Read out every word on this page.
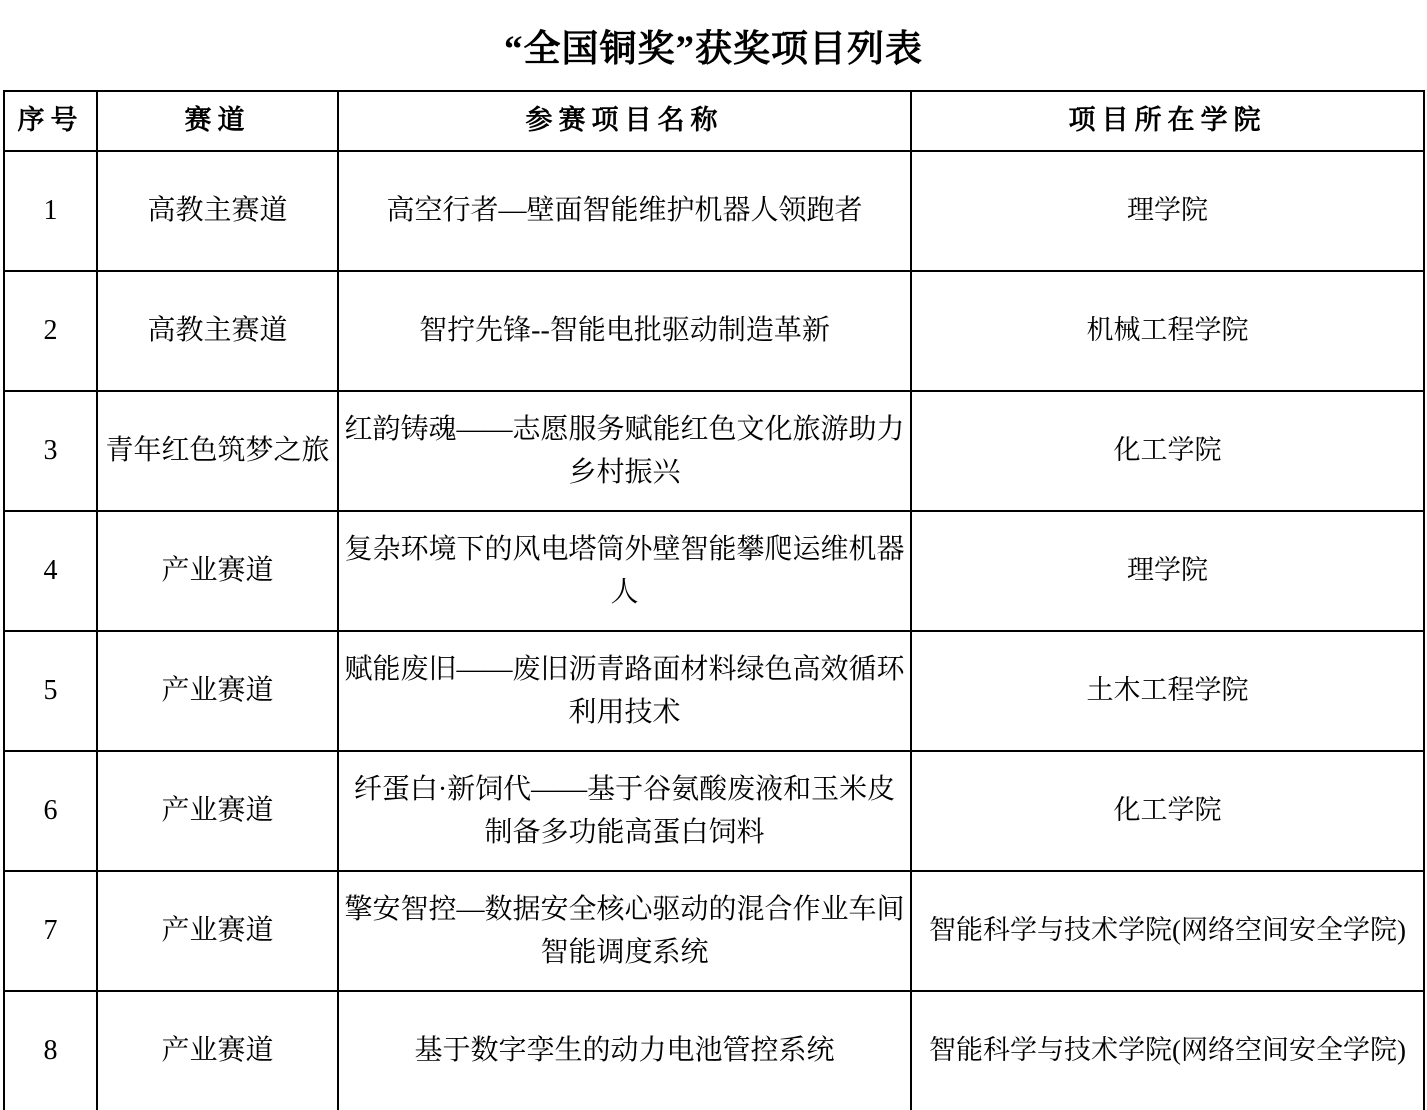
“全国铜奖”获奖项目列表
序号	赛道	参赛项目名称	项目所在学院
1	高教主赛道	高空行者—壁面智能维护机器人领跑者	理学院
2	高教主赛道	智拧先锋--智能电批驱动制造革新	机械工程学院
3	青年红色筑梦之旅	红韵铸魂——志愿服务赋能红色文化旅游助力乡村振兴	化工学院
4	产业赛道	复杂环境下的风电塔筒外壁智能攀爬运维机器人	理学院
5	产业赛道	赋能废旧——废旧沥青路面材料绿色高效循环利用技术	土木工程学院
6	产业赛道	纤蛋白·新饲代——基于谷氨酸废液和玉米皮制备多功能高蛋白饲料	化工学院
7	产业赛道	擎安智控—数据安全核心驱动的混合作业车间智能调度系统	智能科学与技术学院(网络空间安全学院)
8	产业赛道	基于数字孪生的动力电池管控系统	智能科学与技术学院(网络空间安全学院)
